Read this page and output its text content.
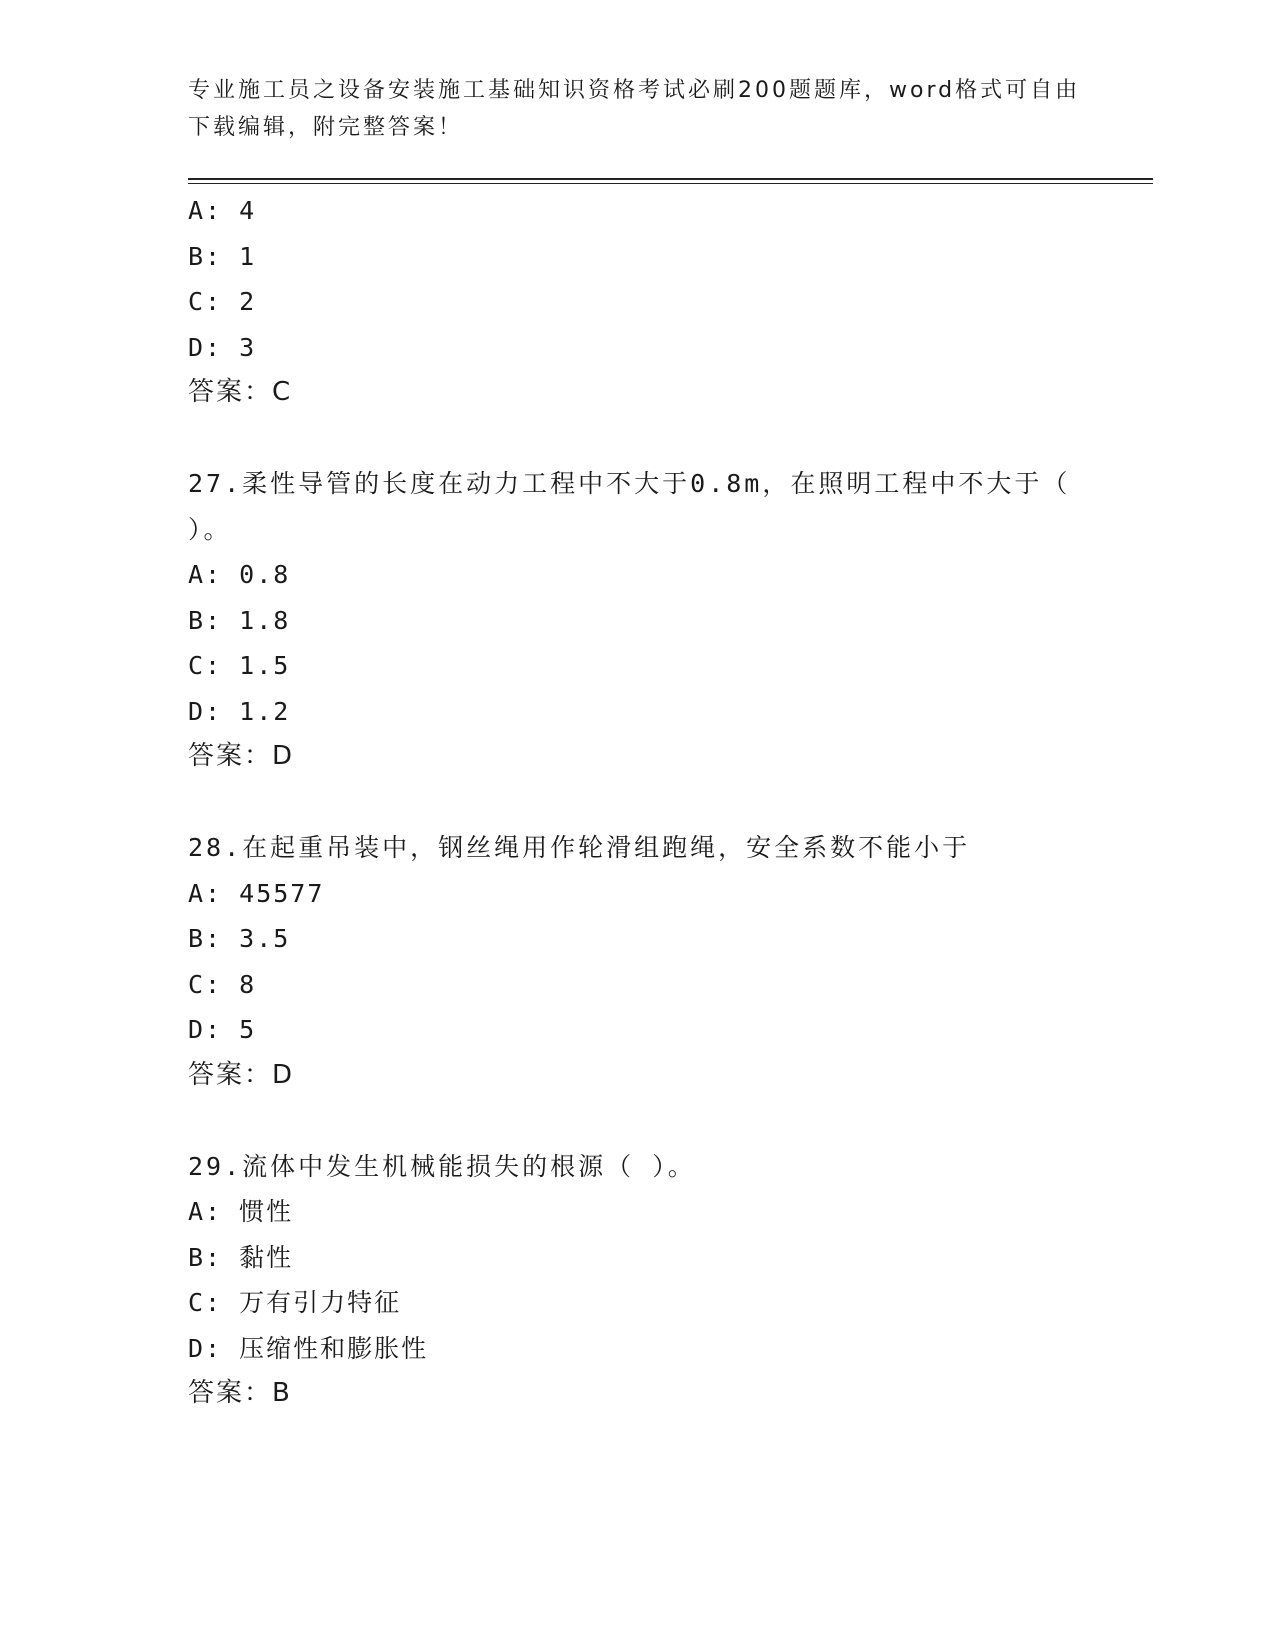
专业施工员之设备安装施工基础知识资格考试必刷200题题库，word格式可自由下载编辑，附完整答案！
A: 4
B: 1
C: 2
D: 3
答案：C
27.柔性导管的长度在动力工程中不大于0.8m，在照明工程中不大于（ ）。
A: 0.8
B: 1.8
C: 1.5
D: 1.2
答案：D
28.在起重吊装中，钢丝绳用作轮滑组跑绳，安全系数不能小于
A: 45577
B: 3.5
C: 8
D: 5
答案：D
29.流体中发生机械能损失的根源（ ）。
A: 惯性
B: 黏性
C: 万有引力特征
D: 压缩性和膨胀性
答案：B
